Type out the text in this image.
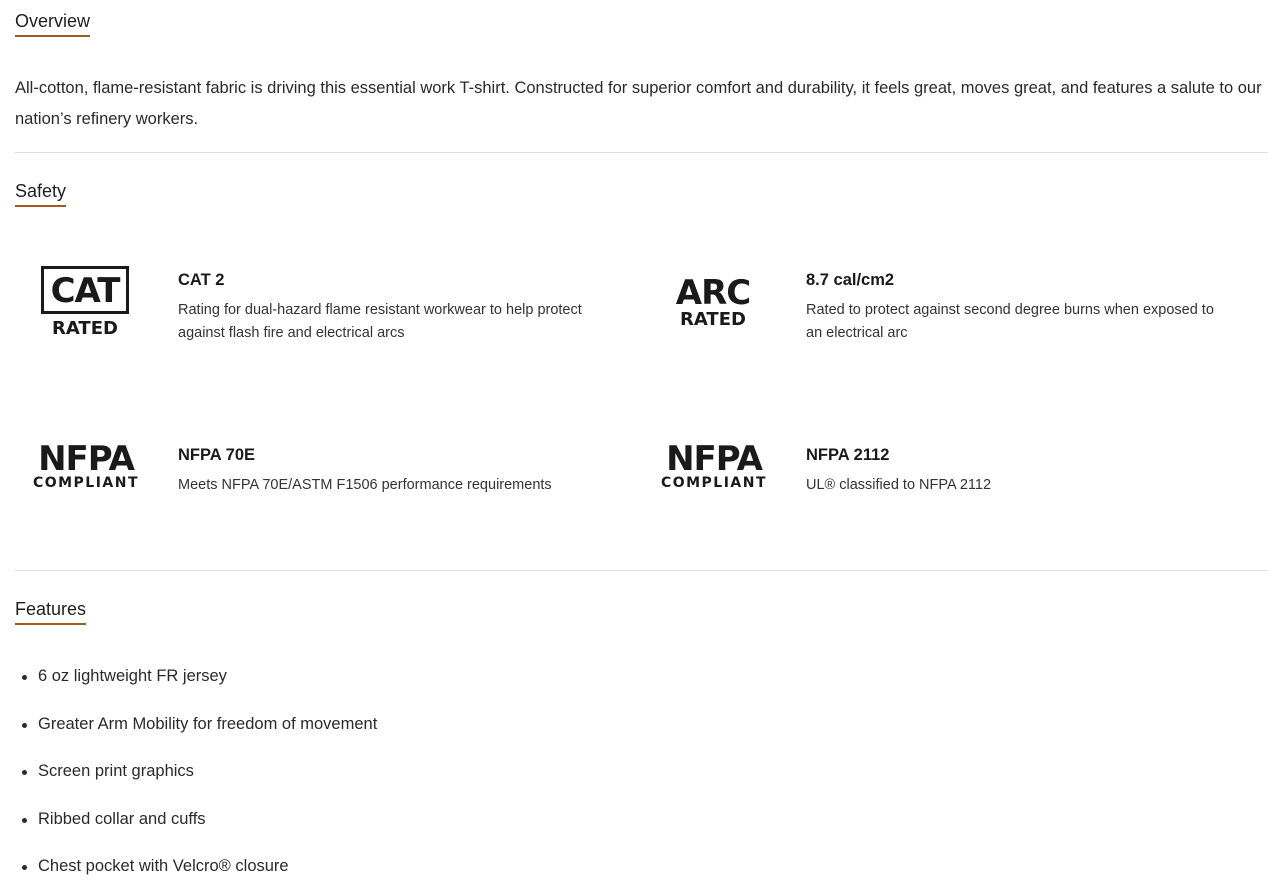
Overview

All-cotton, flame-resistant fabric is driving this essential work T-shirt. Constructed for superior comfort and durability, it feels great, moves great, and features a salute to our nation’s refinery workers.

Safety
CAT
RATED
CAT 2
Rating for dual-hazard flame resistant workwear to help protect against flash fire and electrical arcs
ARC
RATED
8.7 cal/cm2
Rated to protect against second degree burns when exposed to an electrical arc
NFPA
COMPLIANT
NFPA 70E
Meets NFPA 70E/ASTM F1506 performance requirements
NFPA
COMPLIANT
NFPA 2112
UL® classified to NFPA 2112
Features
6 oz lightweight FR jersey
Greater Arm Mobility for freedom of movement
Screen print graphics
Ribbed collar and cuffs
Chest pocket with Velcro® closure
